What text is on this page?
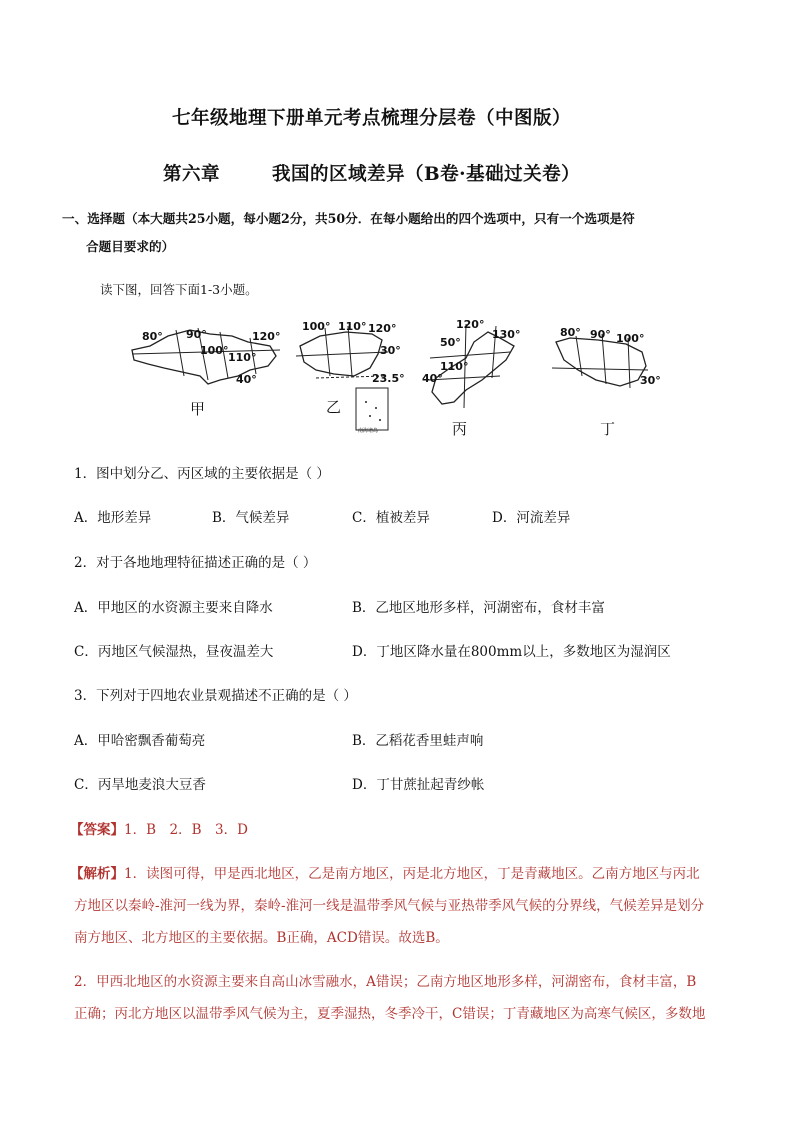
七年级地理下册单元考点梳理分层卷（中图版）
第六章	我国的区域差异（B卷·基础过关卷）
一、选择题（本大题共25小题，每小题2分，共50分．在每小题给出的四个选项中，只有一个选项是符
合题目要求的）
读下图，回答下面1-3小题。
80° 90°
100°
110°
120°
40°
甲
100° 110° 120°
30°
23.5°
南海诸岛
乙
120°
130°
110°
50°
40°
丙
80° 90° 100°
30°
丁
1．图中划分乙、丙区域的主要依据是（ ）
A．地形差异	B．气候差异	C．植被差异	D．河流差异
2．对于各地地理特征描述正确的是（ ）
A．甲地区的水资源主要来自降水	B．乙地区地形多样，河湖密布，食材丰富
C．丙地区气候湿热，昼夜温差大	D．丁地区降水量在800mm以上，多数地区为湿润区
3．下列对于四地农业景观描述不正确的是（ ）
A．甲哈密飘香葡萄亮	B．乙稻花香里蛙声响
C．丙旱地麦浪大豆香	D．丁甘蔗扯起青纱帐
【答案】1．B　2．B　3．D
【解析】1．读图可得，甲是西北地区，乙是南方地区，丙是北方地区，丁是青藏地区。乙南方地区与丙北
方地区以秦岭-淮河一线为界，秦岭-淮河一线是温带季风气候与亚热带季风气候的分界线，气候差异是划分
南方地区、北方地区的主要依据。B正确，ACD错误。故选B。
2．甲西北地区的水资源主要来自高山冰雪融水，A错误；乙南方地区地形多样，河湖密布，食材丰富，B
正确；丙北方地区以温带季风气候为主，夏季湿热，冬季冷干，C错误；丁青藏地区为高寒气候区，多数地
